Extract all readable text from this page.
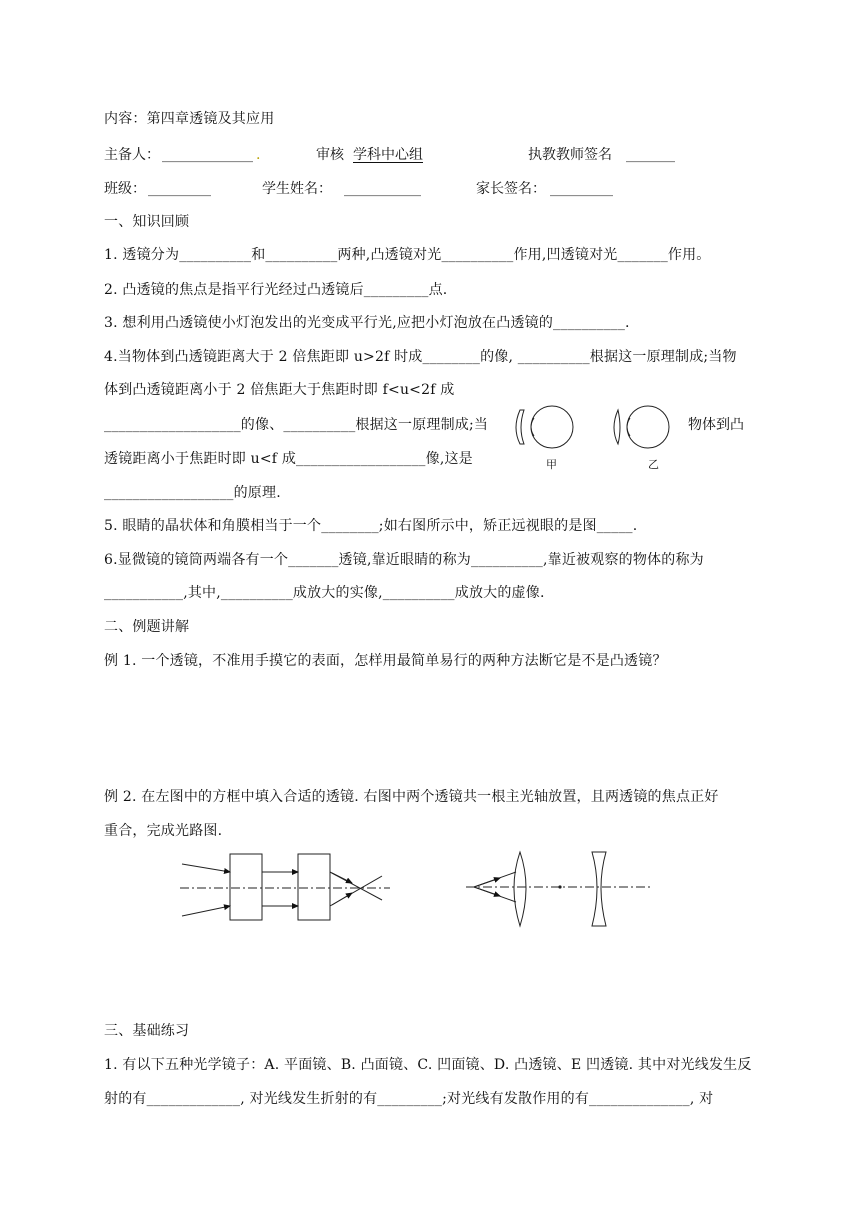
内容：第四章透镜及其应用
主备人： _____________ .	审核 学科中心组	执教教师签名 _______
班级： _________	学生姓名： ___________	家长签名： _________
一、知识回顾
1. 透镜分为__________和__________两种,凸透镜对光__________作用,凹透镜对光_______作用。
2. 凸透镜的焦点是指平行光经过凸透镜后_________点.
3. 想利用凸透镜使小灯泡发出的光变成平行光,应把小灯泡放在凸透镜的__________.
4.当物体到凸透镜距离大于 2 倍焦距即 u>2f 时成________的像, __________根据这一原理制成;当物
体到凸透镜距离小于 2 倍焦距大于焦距时即 f<u<2f 成
___________________的像、__________根据这一原理制成;当	物体到凸
透镜距离小于焦距时即 u<f 成__________________像,这是
__________________的原理.
甲	乙
5. 眼睛的晶状体和角膜相当于一个________;如右图所示中，矫正远视眼的是图_____.
6.显微镜的镜筒两端各有一个_______透镜,靠近眼睛的称为__________,靠近被观察的物体的称为
___________,其中,__________成放大的实像,__________成放大的虚像.
二、例题讲解
例 1. 一个透镜，不准用手摸它的表面，怎样用最简单易行的两种方法断它是不是凸透镜？
例 2. 在左图中的方框中填入合适的透镜. 右图中两个透镜共一根主光轴放置，且两透镜的焦点正好
重合，完成光路图.
三、基础练习
1. 有以下五种光学镜子：A. 平面镜、B. 凸面镜、C. 凹面镜、D. 凸透镜、E 凹透镜. 其中对光线发生反
射的有_____________, 对光线发生折射的有_________;对光线有发散作用的有______________, 对
